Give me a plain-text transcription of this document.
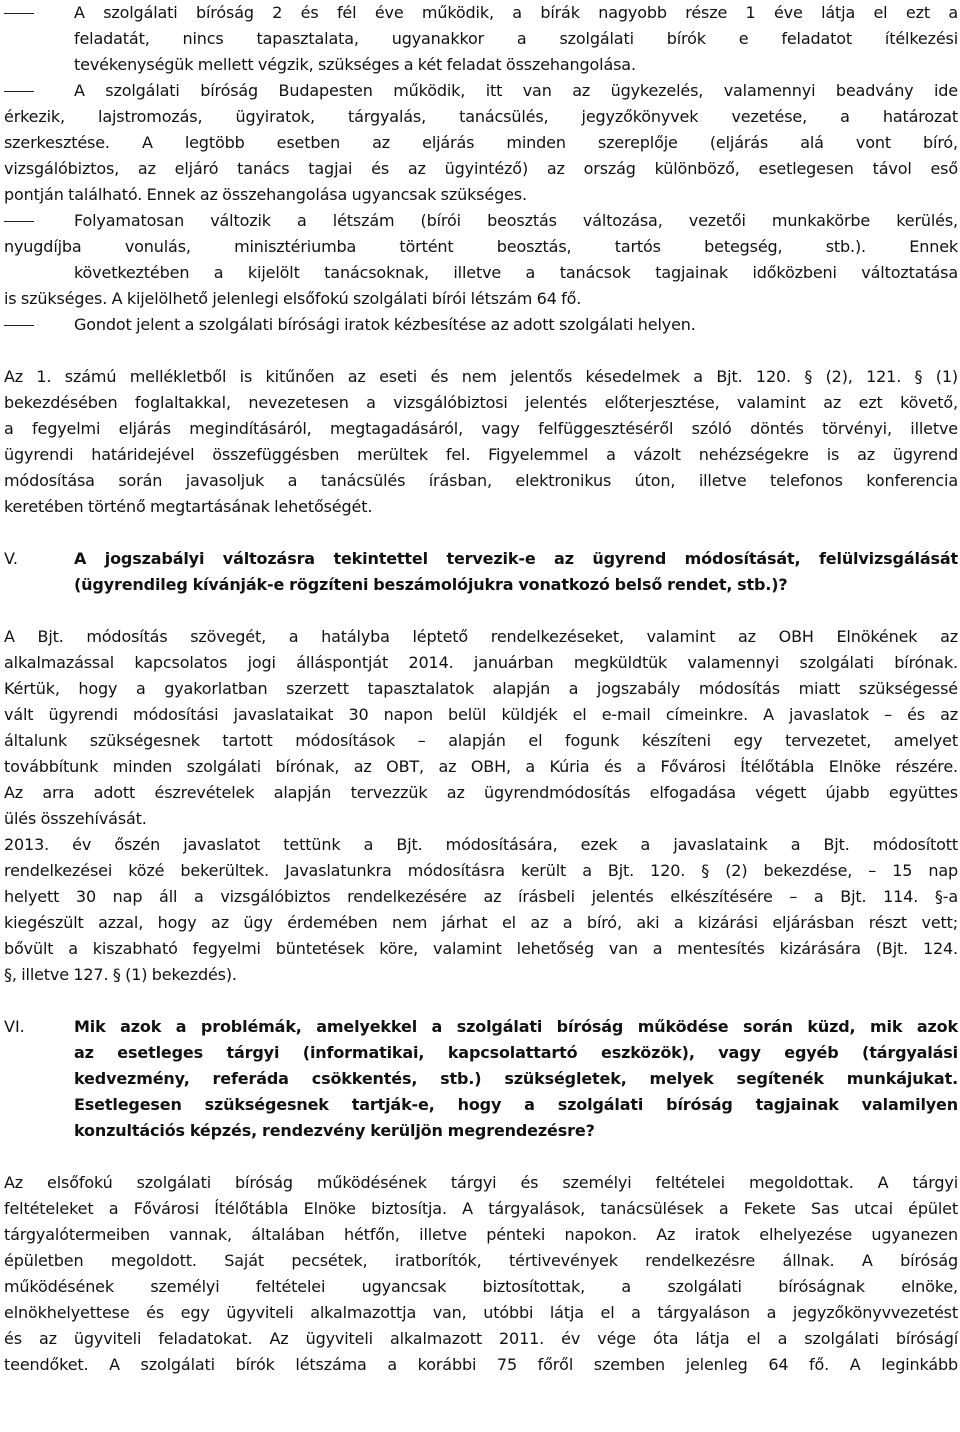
A szolgálati bíróság 2 és fél éve működik, a bírák nagyobb része 1 éve látja el ezt a
feladatát, nincs tapasztalata, ugyanakkor a szolgálati bírók e feladatot ítélkezési
tevékenységük mellett végzik, szükséges a két feladat összehangolása.
A szolgálati bíróság Budapesten működik, itt van az ügykezelés, valamennyi beadvány ide
érkezik, lajstromozás, ügyiratok, tárgyalás, tanácsülés, jegyzőkönyvek vezetése, a határozat
szerkesztése. A legtöbb esetben az eljárás minden szereplője (eljárás alá vont bíró,
vizsgálóbiztos, az eljáró tanács tagjai és az ügyintéző) az ország különböző, esetlegesen távol eső
pontján található. Ennek az összehangolása ugyancsak szükséges.
Folyamatosan változik a létszám (bírói beosztás változása, vezetői munkakörbe kerülés,
nyugdíjba vonulás, minisztériumba történt beosztás, tartós betegség, stb.). Ennek
következtében a kijelölt tanácsoknak, illetve a tanácsok tagjainak időközbeni változtatása
is szükséges. A kijelölhető jelenlegi elsőfokú szolgálati bírói létszám 64 fő.
Gondot jelent a szolgálati bírósági iratok kézbesítése az adott szolgálati helyen.
Az 1. számú mellékletből is kitűnően az eseti és nem jelentős késedelmek a Bjt. 120. § (2), 121. § (1)
bekezdésében foglaltakkal, nevezetesen a vizsgálóbiztosi jelentés előterjesztése, valamint az ezt követő,
a fegyelmi eljárás megindításáról, megtagadásáról, vagy felfüggesztéséről szóló döntés törvényi, illetve
ügyrendi határidejével összefüggésben merültek fel. Figyelemmel a vázolt nehézségekre is az ügyrend
módosítása során javasoljuk a tanácsülés írásban, elektronikus úton, illetve telefonos konferencia
keretében történő megtartásának lehetőségét.
V.	A jogszabályi változásra tekintettel tervezik-e az ügyrend módosítását, felülvizsgálását
(ügyrendileg kívánják-e rögzíteni beszámolójukra vonatkozó belső rendet, stb.)?
A Bjt. módosítás szövegét, a hatályba léptető rendelkezéseket, valamint az OBH Elnökének az
alkalmazással kapcsolatos jogi álláspontját 2014. januárban megküldtük valamennyi szolgálati bírónak.
Kértük, hogy a gyakorlatban szerzett tapasztalatok alapján a jogszabály módosítás miatt szükségessé
vált ügyrendi módosítási javaslataikat 30 napon belül küldjék el e-mail címeinkre. A javaslatok – és az
általunk szükségesnek tartott módosítások – alapján el fogunk készíteni egy tervezetet, amelyet
továbbítunk minden szolgálati bírónak, az OBT, az OBH, a Kúria és a Fővárosi Ítélőtábla Elnöke részére.
Az arra adott észrevételek alapján tervezzük az ügyrendmódosítás elfogadása végett újabb együttes
ülés összehívását.
2013. év őszén javaslatot tettünk a Bjt. módosítására, ezek a javaslataink a Bjt. módosított
rendelkezései közé bekerültek. Javaslatunkra módosításra került a Bjt. 120. § (2) bekezdése, – 15 nap
helyett 30 nap áll a vizsgálóbiztos rendelkezésére az írásbeli jelentés elkészítésére – a Bjt. 114. §-a
kiegészült azzal, hogy az ügy érdemében nem járhat el az a bíró, aki a kizárási eljárásban részt vett;
bővült a kiszabható fegyelmi büntetések köre, valamint lehetőség van a mentesítés kizárására (Bjt. 124.
§, illetve 127. § (1) bekezdés).
VI.	Mik azok a problémák, amelyekkel a szolgálati bíróság működése során küzd, mik azok
az esetleges tárgyi (informatikai, kapcsolattartó eszközök), vagy egyéb (tárgyalási
kedvezmény, referáda csökkentés, stb.) szükségletek, melyek segítenék munkájukat.
Esetlegesen szükségesnek tartják-e, hogy a szolgálati bíróság tagjainak valamilyen
konzultációs képzés, rendezvény kerüljön megrendezésre?
Az elsőfokú szolgálati bíróság működésének tárgyi és személyi feltételei megoldottak. A tárgyi
feltételeket a Fővárosi Ítélőtábla Elnöke biztosítja. A tárgyalások, tanácsülések a Fekete Sas utcai épület
tárgyalótermeiben vannak, általában hétfőn, illetve pénteki napokon. Az iratok elhelyezése ugyanezen
épületben megoldott. Saját pecsétek, iratborítók, tértivevények rendelkezésre állnak. A bíróság
működésének személyi feltételei ugyancsak biztosítottak, a szolgálati bíróságnak elnöke,
elnökhelyettese és egy ügyviteli alkalmazottja van, utóbbi látja el a tárgyaláson a jegyzőkönyvvezetést
és az ügyviteli feladatokat. Az ügyviteli alkalmazott 2011. év vége óta látja el a szolgálati bíróságí
teendőket. A szolgálati bírók létszáma a korábbi 75 főről szemben jelenleg 64 fő. A leginkább
